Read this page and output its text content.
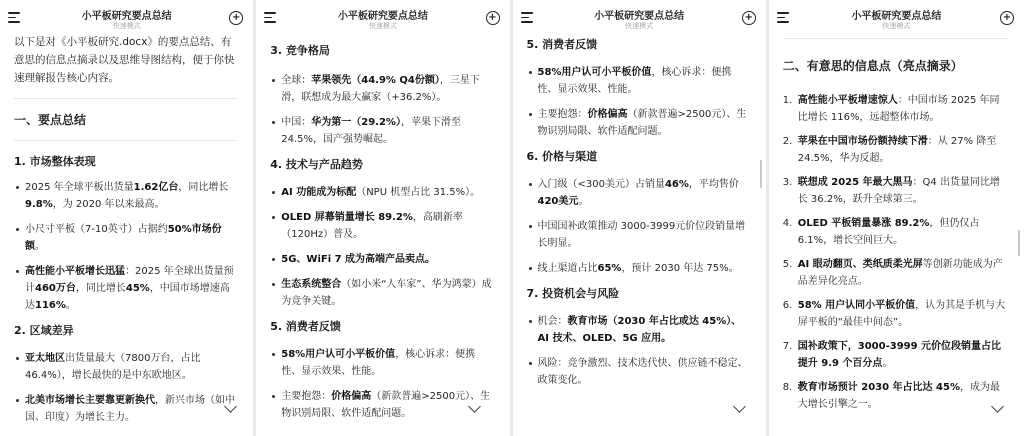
小平板研究要点总结
快速模式
+

以下是对《小平板研究.docx》的要点总结、有意思的信息点摘录以及思维导图结构，便于你快速理解报告核心内容。

一、要点总结
1. 市场整体表现
2025 年全球平板出货量1.62亿台，同比增长9.8%，为 2020 年以来最高。
小尺寸平板（7-10英寸）占据约50%市场份额。
高性能小平板增长迅猛：2025 年全球出货量预计460万台，同比增长45%，中国市场增速高达116%。
2. 区域差异
亚太地区出货量最大（7800万台，占比 46.4%），增长最快的是中东欧地区。
北美市场增长主要靠更新换代，新兴市场（如中国、印度）为增长主力。
小平板研究要点总结
快速模式
+
3. 竞争格局
全球：苹果领先（44.9% Q4份额），三星下滑，联想成为最大赢家（+36.2%）。
中国：华为第一（29.2%），苹果下滑至 24.5%，国产强势崛起。
4. 技术与产品趋势
AI 功能成为标配（NPU 机型占比 31.5%）。
OLED 屏幕销量增长 89.2%，高刷新率（120Hz）普及。
5G、WiFi 7 成为高端产品卖点。
生态系统整合（如小米“人车家”、华为鸿蒙）成为竞争关键。
5. 消费者反馈
58%用户认可小平板价值，核心诉求：便携性、显示效果、性能。
主要抱怨：价格偏高（新款普遍>2500元）、生物识别局限、软件适配问题。
小平板研究要点总结
快速模式
+
5. 消费者反馈
58%用户认可小平板价值，核心诉求：便携性、显示效果、性能。
主要抱怨：价格偏高（新款普遍>2500元）、生物识别局限、软件适配问题。
6. 价格与渠道
入门级（<300美元）占销量46%，平均售价420美元。
中国国补政策推动 3000-3999元价位段销量增长明显。
线上渠道占比65%，预计 2030 年达 75%。
7. 投资机会与风险
机会：教育市场（2030 年占比或达 45%）、AI 技术、OLED、5G 应用。
风险：竞争激烈、技术迭代快、供应链不稳定、政策变化。
小平板研究要点总结
快速模式
+
二、有意思的信息点（亮点摘录）
1. 高性能小平板增速惊人：中国市场 2025 年同比增长 116%，远超整体市场。
2. 苹果在中国市场份额持续下滑：从 27% 降至 24.5%，华为反超。
3. 联想成 2025 年最大黑马：Q4 出货量同比增长 36.2%，跃升全球第三。
4. OLED 平板销量暴涨 89.2%，但仍仅占 6.1%，增长空间巨大。
5. AI 眼动翻页、类纸质柔光屏等创新功能成为产品差异化亮点。
6. 58% 用户认同小平板价值，认为其是手机与大屏平板的“最佳中间态”。
7. 国补政策下，3000-3999 元价位段销量占比提升 9.9 个百分点。
8. 教育市场预计 2030 年占比达 45%，成为最大增长引擎之一。
